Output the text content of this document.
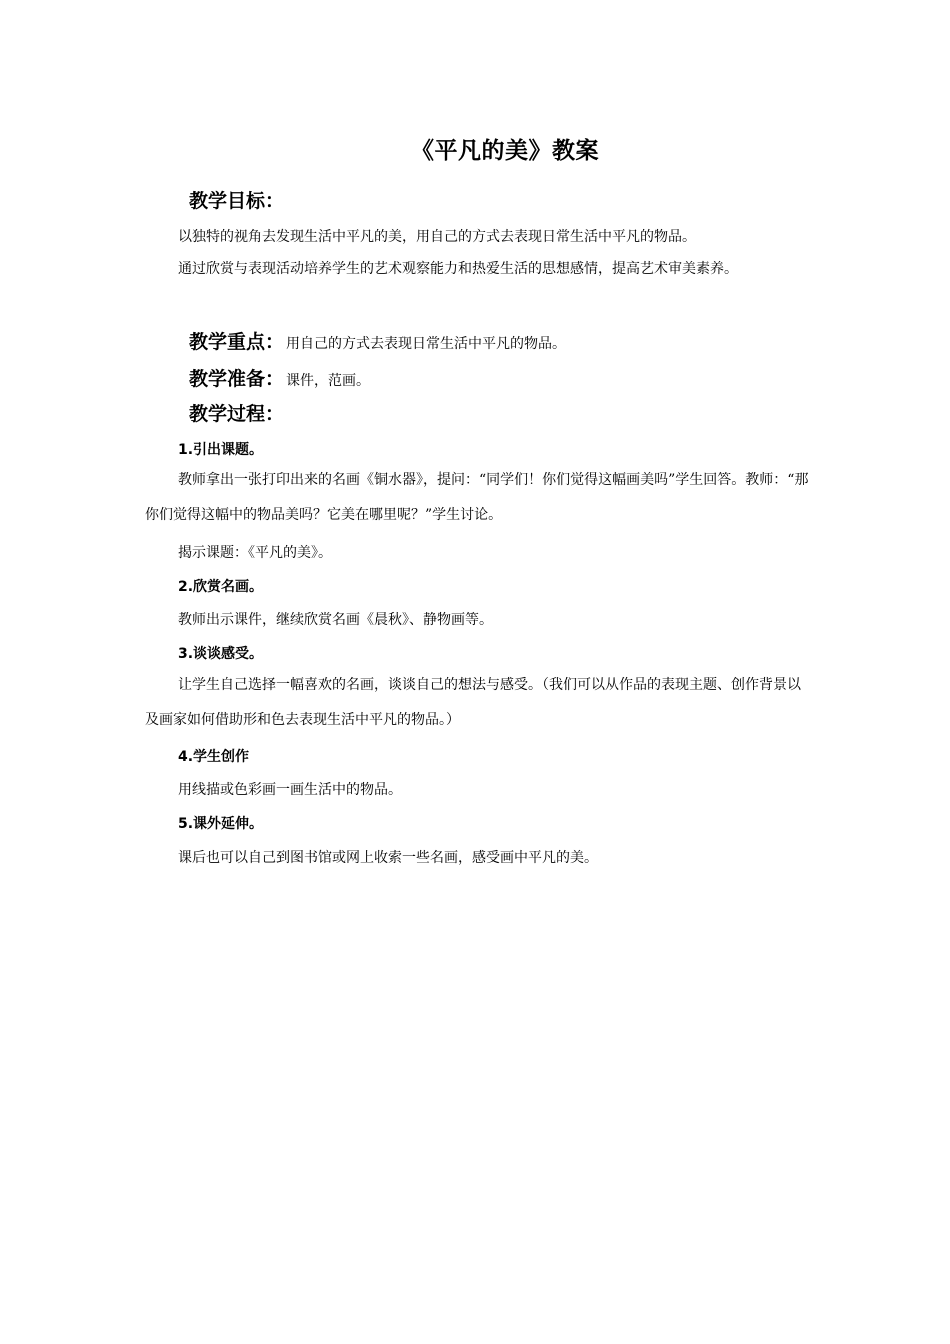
《平凡的美》教案
教学目标：
以独特的视角去发现生活中平凡的美，用自己的方式去表现日常生活中平凡的物品。
通过欣赏与表现活动培养学生的艺术观察能力和热爱生活的思想感情，提高艺术审美素养。
教学重点： 用自己的方式去表现日常生活中平凡的物品。
教学准备： 课件，范画。
教学过程：
1.引出课题。
教师拿出一张打印出来的名画《铜水器》，提问：“同学们！你们觉得这幅画美吗”学生回答。教师：“那你们觉得这幅中的物品美吗？它美在哪里呢？”学生讨论。
揭示课题：《平凡的美》。
2.欣赏名画。
教师出示课件，继续欣赏名画《晨秋》、静物画等。
3.谈谈感受。
让学生自己选择一幅喜欢的名画，谈谈自己的想法与感受。（我们可以从作品的表现主题、创作背景以及画家如何借助形和色去表现生活中平凡的物品。）
4.学生创作
用线描或色彩画一画生活中的物品。
5.课外延伸。
课后也可以自己到图书馆或网上收索一些名画，感受画中平凡的美。
